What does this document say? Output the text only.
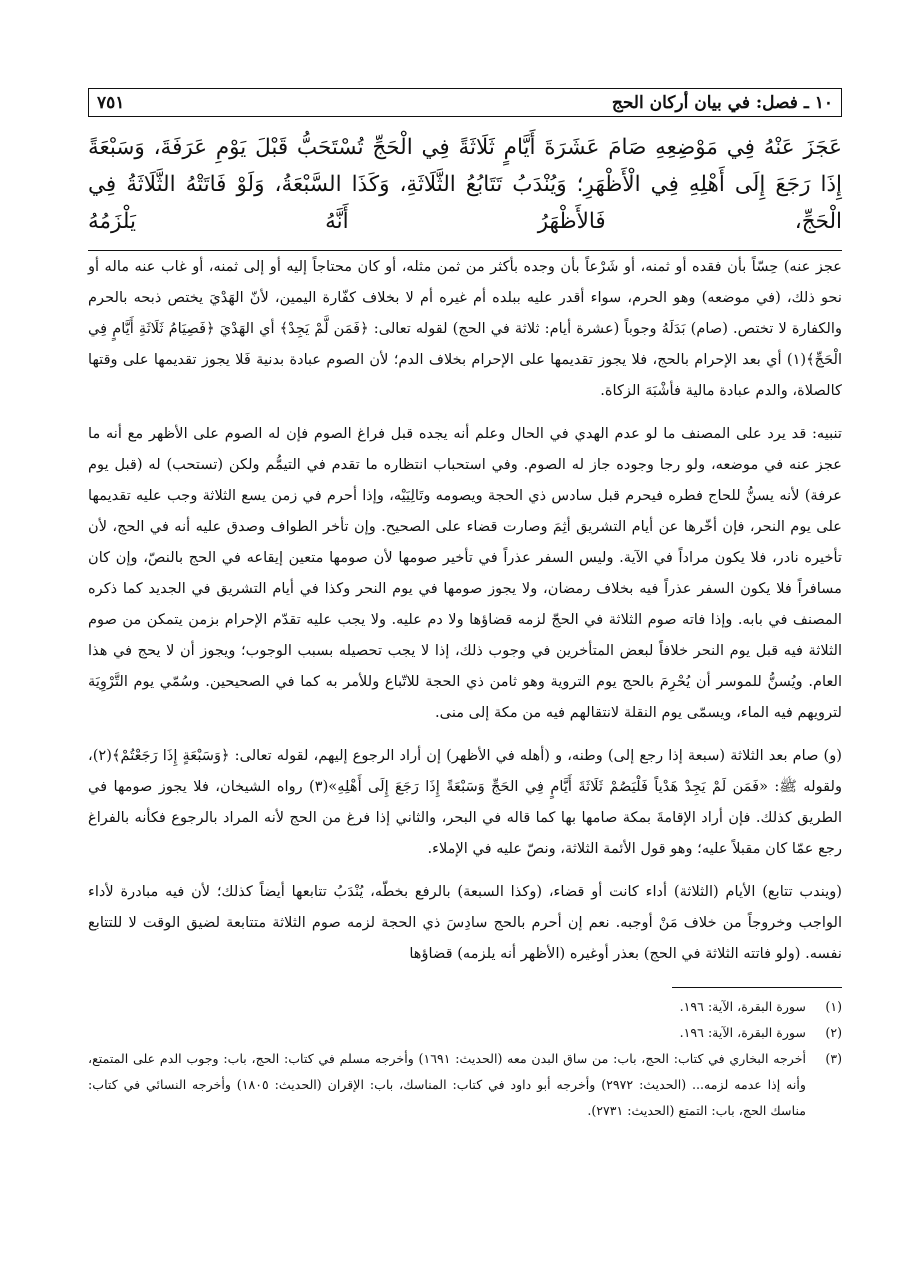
١٠ ـ فصل: في بيان أركان الحج
٧٥١
عَجَزَ عَنْهُ فِي مَوْضِعِهِ صَامَ عَشَرَةَ أَيَّامٍ ثَلَاثَةً فِي الْحَجِّ تُسْتَحَبُّ قَبْلَ يَوْمِ عَرَفَةَ، وَسَبْعَةً إِذَا رَجَعَ إِلَى أَهْلِهِ فِي الْأَظْهَرِ؛ وَيُنْدَبُ تَتَابُعُ الثَّلَاثَةِ، وَكَذَا السَّبْعَةُ، وَلَوْ فَاتَتْهُ الثَّلَاثَةُ فِي الْحَجِّ، فَالأَظْهَرُ أَنَّهُ يَلْزَمُهُ

عجز عنه) حِسّاً بأن فقده أو ثمنه، أو شَرْعاً بأن وجده بأكثر من ثمن مثله، أو كان محتاجاً إليه أو إلى ثمنه، أو غاب عنه ماله أو نحو ذلك، (في موضعه) وهو الحرم، سواء أقدر عليه ببلده أم غيره أم لا بخلاف كفّارة اليمين، لأنّ الهَدْيَ يختص ذبحه بالحرم والكفارة لا تختص. (صام) بَدَلَهُ وجوباً (عشرة أيام: ثلاثة في الحج) لقوله تعالى: ﴿فَمَن لَّمْ يَجِدْ﴾ أي الهَدْيَ ﴿فَصِيَامُ ثَلَاثَةِ أَيَّامٍ فِي الْحَجِّ﴾(١) أي بعد الإحرام بالحج، فلا يجوز تقديمها على الإحرام بخلاف الدم؛ لأن الصوم عبادة بدنية فَلا يجوز تقديمها على وقتها كالصلاة، والدم عبادة مالية فأشْبَهَ الزكاة.

تنبيه: قد يرد على المصنف ما لو عدم الهدي في الحال وعلم أنه يجده قبل فراغ الصوم فإن له الصوم على الأظهر مع أنه ما عجز عنه في موضعه، ولو رجا وجوده جاز له الصوم. وفي استحباب انتظاره ما تقدم في التيمُّم ولكن (تستحب) له (قبل يوم عرفة) لأنه يسنُّ للحاج فطره فيحرم قبل سادس ذي الحجة ويصومه وتَالِيَيْه، وإذا أحرم في زمن يسع الثلاثة وجب عليه تقديمها على يوم النحر، فإن أخّرها عن أيام التشريق أثِمَ وصارت قضاء على الصحيح. وإن تأخر الطواف وصدق عليه أنه في الحج، لأن تأخيره نادر، فلا يكون مراداً في الآية. وليس السفر عذراً في تأخير صومها لأن صومها متعين إيقاعه في الحج بالنصّ، وإن كان مسافراً فلا يكون السفر عذراً فيه بخلاف رمضان، ولا يجوز صومها في يوم النحر وكذا في أيام التشريق في الجديد كما ذكره المصنف في بابه. وإذا فاته صوم الثلاثة في الحجّ لزمه قضاؤها ولا دم عليه. ولا يجب عليه تقدّم الإحرام بزمن يتمكن من صوم الثلاثة فيه قبل يوم النحر خلافاً لبعض المتأخرين في وجوب ذلك، إذا لا يجب تحصيله بسبب الوجوب؛ ويجوز أن لا يحج في هذا العام. ويُسنُّ للموسر أن يُحْرِمَ بالحج يوم التروية وهو ثامن ذي الحجة للاتّباع وللأمر به كما في الصحيحين. وسُمّي يوم التَّرْوِيَة لترويهم فيه الماء، ويسمّى يوم النقلة لانتقالهم فيه من مكة إلى منى.

(و) صام بعد الثلاثة (سبعة إذا رجع إلى) وطنه، و (أهله في الأظهر) إن أراد الرجوع إليهم، لقوله تعالى: ﴿وَسَبْعَةٍ إِذَا رَجَعْتُمْ﴾(٢)، ولقوله ﷺ: «فَمَن لَمْ يَجِدْ هَدْياً فَلْيَصُمْ ثَلَاثَةَ أَيَّامٍ فِي الحَجِّ وَسَبْعَةً إِذَا رَجَعَ إِلَى أَهْلِهِ»(٣) رواه الشيخان، فلا يجوز صومها في الطريق كذلك. فإن أراد الإقامةَ بمكة صامها بها كما قاله في البحر، والثاني إذا فرغ من الحج لأنه المراد بالرجوع فكأنه بالفراغ رجع عمّا كان مقبلاً عليه؛ وهو قول الأئمة الثلاثة، ونصّ عليه في الإملاء.

(ويندب تتابع) الأيام (الثلاثة) أداء كانت أو قضاء، (وكذا السبعة) بالرفع بخطّه، يُنْدَبُ تتابعها أيضاً كذلك؛ لأن فيه مبادرة لأداء الواجب وخروجاً من خلاف مَنْ أوجبه. نعم إن أحرم بالحج سادِسَ ذي الحجة لزمه صوم الثلاثة متتابعة لضيق الوقت لا للتتابع نفسه. (ولو فاتته الثلاثة في الحج) بعذر أوغيره (الأظهر أنه يلزمه) قضاؤها

(١)
سورة البقرة، الآية: ١٩٦.
(٢)
سورة البقرة، الآية: ١٩٦.
(٣)
أخرجه البخاري في كتاب: الحج، باب: من ساق البدن معه (الحديث: ١٦٩١) وأخرجه مسلم في كتاب: الحج، باب: وجوب الدم على المتمتع، وأنه إذا عدمه لزمه... (الحديث: ٢٩٧٢) وأخرجه أبو داود في كتاب: المناسك، باب: الإقران (الحديث: ١٨٠٥) وأخرجه النسائي في كتاب: مناسك الحج، باب: التمتع (الحديث: ٢٧٣١).
